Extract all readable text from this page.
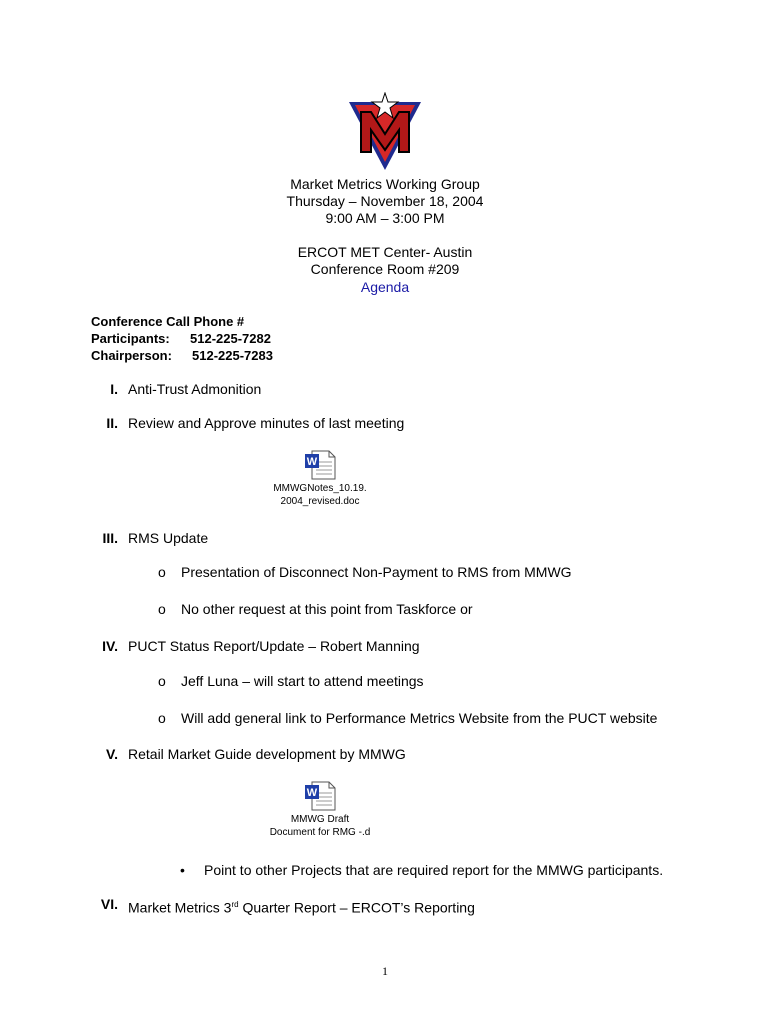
Market Metrics Working Group
Thursday – November 18, 2004
9:00 AM – 3:00 PM
ERCOT MET Center- Austin
Conference Room #209
Agenda
Conference Call Phone #
Participants: 512-225-7282
Chairperson: 512-225-7283
I. Anti-Trust Admonition
II. Review and Approve minutes of last meeting
W
MMWGNotes_10.19.
2004_revised.doc
III. RMS Update
o Presentation of Disconnect Non-Payment to RMS from MMWG
o No other request at this point from Taskforce or
IV. PUCT Status Report/Update – Robert Manning
o Jeff Luna – will start to attend meetings
o Will add general link to Performance Metrics Website from the PUCT website
V. Retail Market Guide development by MMWG
W
MMWG Draft
Document for RMG -.d
• Point to other Projects that are required report for the MMWG participants.
VI. Market Metrics 3rd Quarter Report – ERCOT’s Reporting
1
